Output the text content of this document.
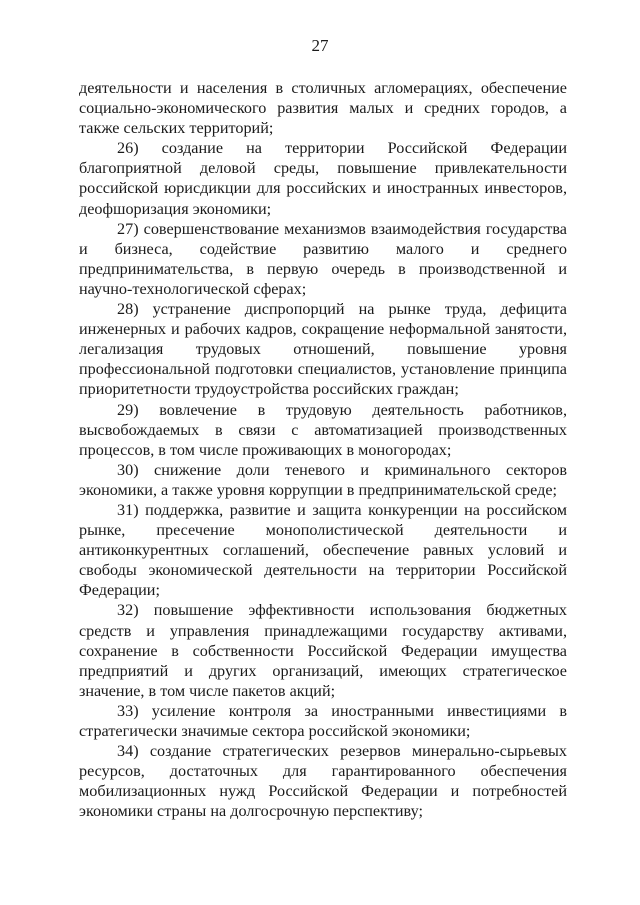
27

деятельности и населения в столичных агломерациях, обеспечение социально-экономического развития малых и средних городов, а также сельских территорий;

26) создание на территории Российской Федерации благоприятной деловой среды, повышение привлекательности российской юрисдикции для российских и иностранных инвесторов, деофшоризация экономики;

27) совершенствование механизмов взаимодействия государства и бизнеса, содействие развитию малого и среднего предпринимательства, в первую очередь в производственной и научно-технологической сферах;

28) устранение диспропорций на рынке труда, дефицита инженерных и рабочих кадров, сокращение неформальной занятости, легализация трудовых отношений, повышение уровня профессиональной подготовки специалистов, установление принципа приоритетности трудоустройства российских граждан;

29) вовлечение в трудовую деятельность работников, высвобождаемых в связи с автоматизацией производственных процессов, в том числе проживающих в моногородах;

30) снижение доли теневого и криминального секторов экономики, а также уровня коррупции в предпринимательской среде;

31) поддержка, развитие и защита конкуренции на российском рынке, пресечение монополистической деятельности и антиконкурентных соглашений, обеспечение равных условий и свободы экономической деятельности на территории Российской Федерации;

32) повышение эффективности использования бюджетных средств и управления принадлежащими государству активами, сохранение в собственности Российской Федерации имущества предприятий и других организаций, имеющих стратегическое значение, в том числе пакетов акций;

33) усиление контроля за иностранными инвестициями в стратегически значимые сектора российской экономики;

34) создание стратегических резервов минерально-сырьевых ресурсов, достаточных для гарантированного обеспечения мобилизационных нужд Российской Федерации и потребностей экономики страны на долгосрочную перспективу;
